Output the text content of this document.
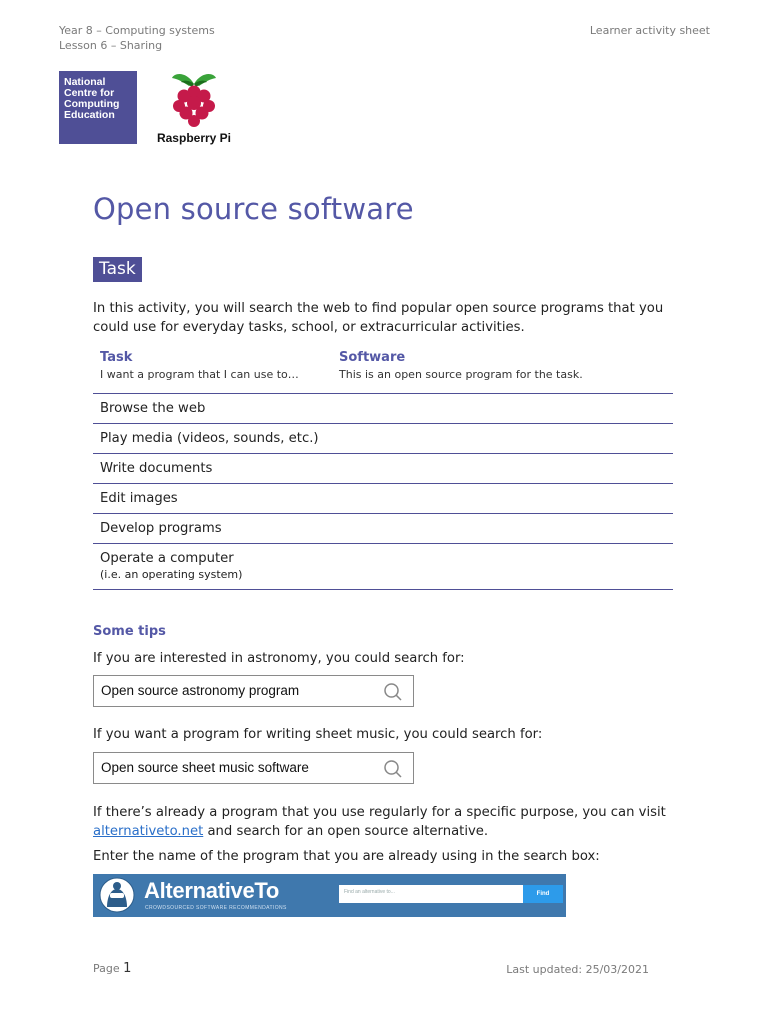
Year 8 – Computing systems
Lesson 6 – Sharing
Learner activity sheet
National
Centre for
Computing
Education
Raspberry Pi
Open source software
Task

In this activity, you will search the web to find popular open source programs that you could use for everyday tasks, school, or extracurricular activities.

Task
I want a program that I can use to…
Software
This is an open source program for the task.
Browse the web
Play media (videos, sounds, etc.)
Write documents
Edit images
Develop programs
Operate a computer
(i.e. an operating system)
Some tips

If you are interested in astronomy, you could search for:

Open source astronomy program

If you want a program for writing sheet music, you could search for:

Open source sheet music software

If there’s already a program that you use regularly for a specific purpose, you can visit alternativeto.net and search for an open source alternative.

Enter the name of the program that you are already using in the search box:

AlternativeTo
CROWDSOURCED SOFTWARE RECOMMENDATIONS
Find an alternative to...	Find
Page 1	Last updated: 25/03/2021
